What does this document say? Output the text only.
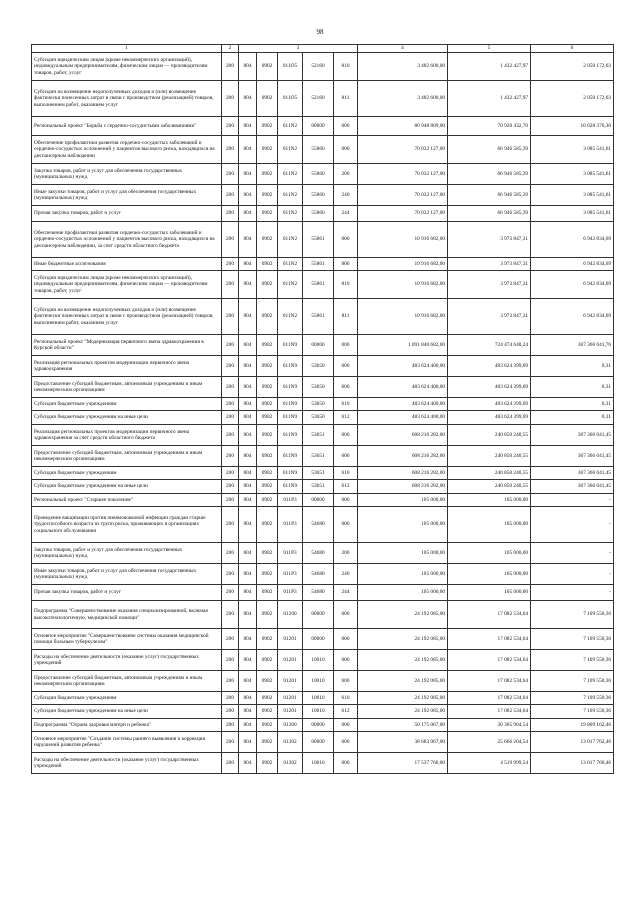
98
1	2	3					4	5	6
Субсидии юридическим лицам (кроме некоммерческих организаций), индивидуальным предпринимателям, физическим лицам — производителям товаров, работ, услуг	200	804	0902	011O5	52160	810	3 482 600,00	1 432 427,97	2 050 172,03
Субсидии на возмещение недополученных доходов и (или) возмещение фактически понесенных затрат в связи с производством (реализацией) товаров, выполнением работ, оказанием услуг	200	804	0902	011O5	52160	811	3 482 600,00	1 432 427,97	2 050 172,03
Региональный проект "Борьба с сердечно-сосудистыми заболеваниями"	200	804	0902	011N2	00000	000	80 948 809,00	70 920 432,70	10 028 376,30
Обеспечение профилактики развития сердечно-сосудистых заболеваний и сердечно-сосудистых осложнений у пациентов высокого риска, находящихся на диспансерном наблюдении	200	804	0902	011N2	55860	000	70 032 127,00	66 946 585,39	3 085 541,61
Закупка товаров, работ и услуг для обеспечения государственных (муниципальных) нужд	200	804	0902	011N2	55860	200	70 032 127,00	66 946 585,39	3 085 541,61
Иные закупки товаров, работ и услуг для обеспечения государственных (муниципальных) нужд	200	804	0902	011N2	55860	240	70 032 127,00	66 946 585,39	3 085 541,61
Прочая закупка товаров, работ и услуг	200	804	0902	011N2	55860	244	70 032 127,00	66 946 585,39	3 085 541,61
Обеспечение профилактики развития сердечно-сосудистых заболеваний и сердечно-сосудистых осложнений у пациентов высокого риска, находящихся на диспансерном наблюдении, за счет средств областного бюджета	200	804	0902	011N2	55861	000	10 916 682,00	3 973 847,31	6 942 834,69
Иные бюджетные ассигнования	200	804	0902	011N2	55861	800	10 916 682,00	3 973 847,31	6 942 834,69
Субсидии юридическим лицам (кроме некоммерческих организаций), индивидуальным предпринимателям, физическим лицам — производителям товаров, работ, услуг	200	804	0902	011N2	55861	810	10 916 682,00	3 973 847,31	6 942 834,69
Субсидии на возмещение недополученных доходов и (или) возмещение фактически понесенных затрат в связи с производством (реализацией) товаров, выполнением работ, оказанием услуг	200	804	0902	011N2	55861	811	10 916 682,00	3 973 847,31	6 942 834,69
Региональный проект "Модернизация первичного звена здравоохранения в Курской области"	200	804	0902	011N9	00000	000	1 091 840 682,00	724 474 640,24	367 366 041,76
Реализация региональных проектов модернизации первичного звена здравоохранения	200	804	0902	011N9	53650	000	483 624 400,00	483 624 399,69	0,31
Предоставление субсидий бюджетным, автономным учреждениям и иным некоммерческим организациям	200	804	0902	011N9	53650	600	483 624 400,00	483 624 399,69	0,31
Субсидии бюджетным учреждениям	200	804	0902	011N9	53650	610	483 624 400,00	483 624 399,69	0,31
Субсидии бюджетным учреждениям на иные цели	200	804	0902	011N9	53650	612	483 624 400,00	483 624 399,69	0,31
Реализация региональных проектов модернизации первичного звена здравоохранения за счет средств областного бюджета	200	804	0902	011N9	53651	000	608 216 282,00	240 850 240,55	367 366 041,45
Предоставление субсидий бюджетным, автономным учреждениям и иным некоммерческим организациям	200	804	0902	011N9	53651	600	608 216 282,00	240 850 240,55	367 366 041,45
Субсидии бюджетным учреждениям	200	804	0902	011N9	53651	610	608 216 282,00	240 850 240,55	367 366 041,45
Субсидии бюджетным учреждениям на иные цели	200	804	0902	011N9	53651	612	608 216 282,00	240 850 240,55	367 366 041,45
Региональный проект "Старшее поколение"	200	804	0902	011P3	00000	000	105 000,00	105 000,00	-
Проведение вакцинации против пневмококковой инфекции граждан старше трудоспособного возраста из групп риска, проживающих в организациях социального обслуживания	200	804	0902	011P3	54680	000	105 000,00	105 000,00	-
Закупка товаров, работ и услуг для обеспечения государственных (муниципальных) нужд	200	804	0902	011P3	54680	200	105 000,00	105 000,00	-
Иные закупки товаров, работ и услуг для обеспечения государственных (муниципальных) нужд	200	804	0902	011P3	54680	240	105 000,00	105 000,00	-
Прочая закупка товаров, работ и услуг	200	804	0902	011P3	54680	244	105 000,00	105 000,00	-
Подпрограмма "Совершенствование оказания специализированной, включая высокотехнологичную, медицинской помощи"	200	804	0902	01200	00000	000	24 192 085,00	17 082 534,64	7 109 550,36
Основное мероприятие "Совершенствование системы оказания медицинской помощи больным туберкулезом"	200	804	0902	01201	00000	000	24 192 085,00	17 082 534,64	7 109 550,36
Расходы на обеспечение деятельности (оказание услуг) государственных учреждений	200	804	0902	01201	10010	000	24 192 085,00	17 082 534,64	7 109 550,36
Предоставление субсидий бюджетным, автономным учреждениям и иным некоммерческим организациям	200	804	0902	01201	10010	600	24 192 085,00	17 082 534,64	7 109 550,36
Субсидии бюджетным учреждениям	200	804	0902	01201	10010	610	24 192 085,00	17 082 534,64	7 109 550,36
Субсидии бюджетным учреждениям на иные цели	200	804	0902	01201	10010	612	24 192 085,00	17 082 534,64	7 109 550,36
Подпрограмма "Охрана здоровья матери и ребенка"	200	804	0902	01300	00000	000	50 175 067,00	30 365 904,54	19 809 162,46
Основное мероприятие "Создание системы раннего выявления и коррекции нарушений развития ребенка"	200	804	0902	01302	00000	000	38 683 967,00	25 666 204,54	13 017 762,46
Расходы на обеспечение деятельности (оказание услуг) государственных учреждений	200	804	0902	01302	10010	000	17 537 760,00	4 519 999,54	13 017 760,46
